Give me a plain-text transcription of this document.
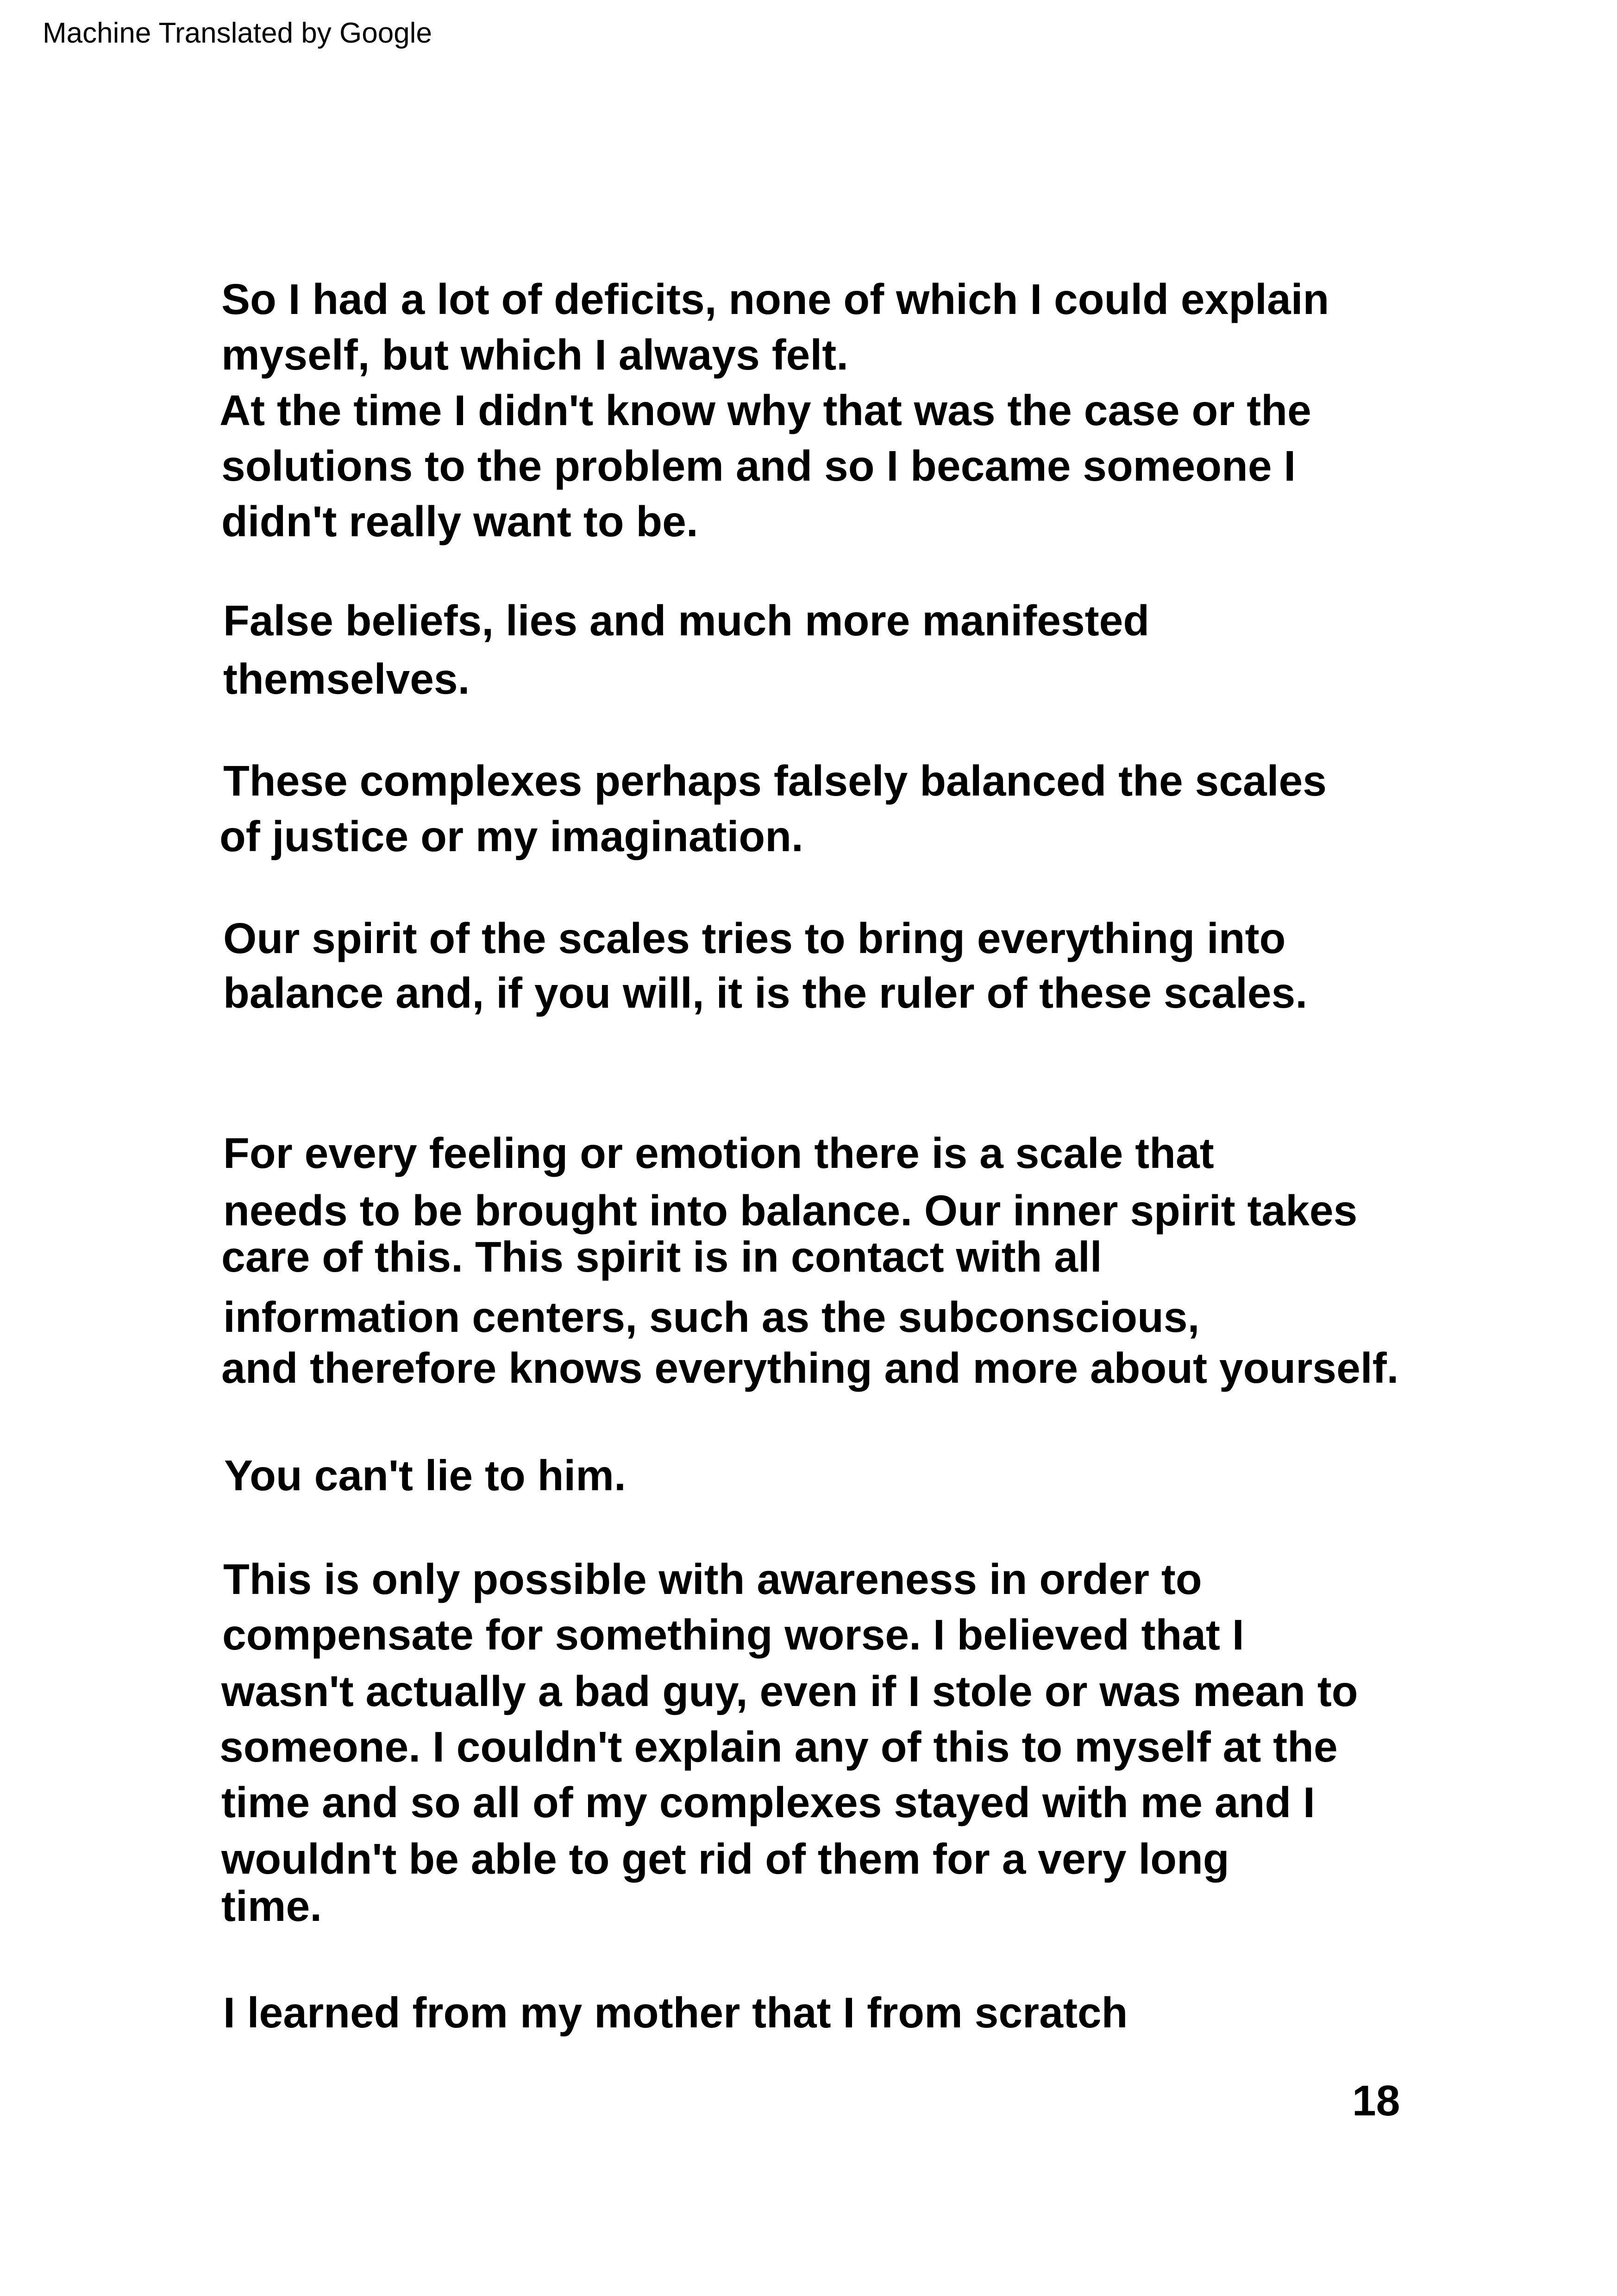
Machine Translated by Google
So I had a lot of deficits, none of which I could explain
myself, but which I always felt.
At the time I didn't know why that was the case or the
solutions to the problem and so I became someone I
didn't really want to be.
False beliefs, lies and much more manifested
themselves.
These complexes perhaps falsely balanced the scales
of justice or my imagination.
Our spirit of the scales tries to bring everything into
balance and, if you will, it is the ruler of these scales.
For every feeling or emotion there is a scale that
needs to be brought into balance. Our inner spirit takes
care of this. This spirit is in contact with all
information centers, such as the subconscious,
and therefore knows everything and more about yourself.
You can't lie to him.
This is only possible with awareness in order to
compensate for something worse. I believed that I
wasn't actually a bad guy, even if I stole or was mean to
someone. I couldn't explain any of this to myself at the
time and so all of my complexes stayed with me and I
wouldn't be able to get rid of them for a very long
time.
I learned from my mother that I from scratch
18
